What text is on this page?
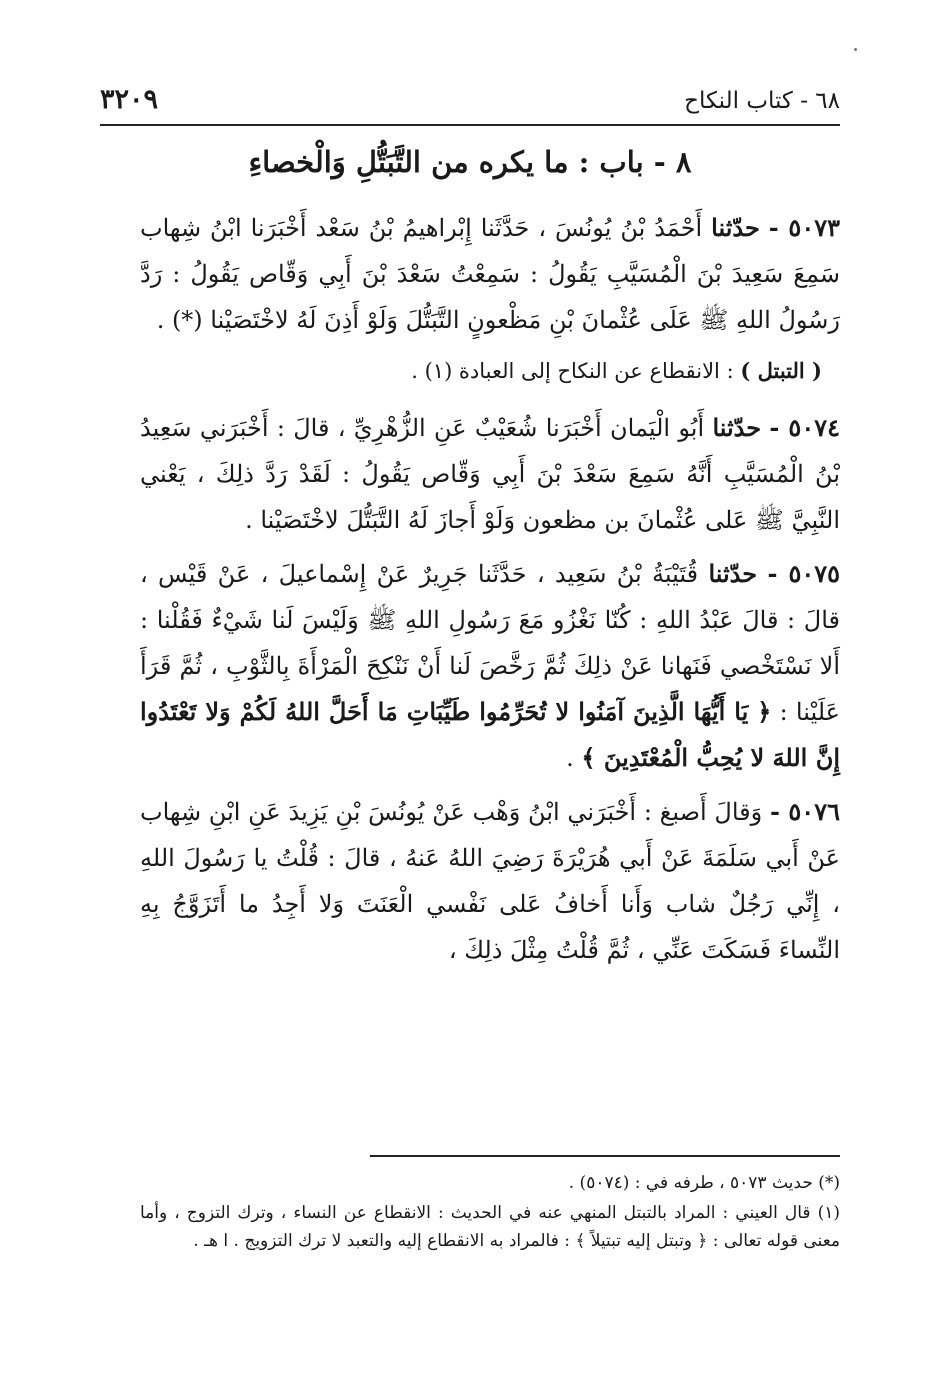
٦٨ - كتاب النكاح
٣٢٠٩
٨ - باب : ما يكره من التَّبَتُّلِ وَالْخصاءِ

٥٠٧٣ - حدّثنا أَحْمَدُ بْنُ يُونُسَ ، حَدَّثَنا إِبْراهيمُ بْنُ سَعْد أَخْبَرَنا ابْنُ شِهاب سَمِعَ سَعِيدَ بْنَ الْمُسَيَّبِ يَقُولُ : سَمِعْتُ سَعْدَ بْنَ أَبِي وَقّاص يَقُولُ : رَدَّ رَسُولُ اللهِ ﷺ عَلَى عُثْمانَ بْنِ مَظْعونٍ التَّبَتُّلَ وَلَوْ أَذِنَ لَهُ لاخْتَصَيْنا (*) .

( التبتل ) : الانقطاع عن النكاح إلى العبادة (١) .

٥٠٧٤ - حدّثنا أَبُو الْيَمان أَخْبَرَنا شُعَيْبٌ عَنِ الزُّهْرِيِّ ، قالَ : أَخْبَرَني سَعِيدُ بْنُ الْمُسَيَّبِ أَنَّهُ سَمِعَ سَعْدَ بْنَ أَبِي وَقّاص يَقُولُ : لَقَدْ رَدَّ ذلِكَ ، يَعْني النَّبِيَّ ﷺ عَلى عُثْمانَ بن مظعون وَلَوْ أَجازَ لَهُ التَّبَتُّلَ لاخْتَصَيْنا .

٥٠٧٥ - حدّثنا قُتَيْبَةُ بْنُ سَعِيد ، حَدَّثَنا جَرِيرٌ عَنْ إِسْماعيلَ ، عَنْ قَيْس ، قالَ : قالَ عَبْدُ اللهِ : كُنّا نَغْزُو مَعَ رَسُولِ اللهِ ﷺ وَلَيْسَ لَنا شَيْءٌ فَقُلْنا : أَلا نَسْتَخْصي فَنَهانا عَنْ ذلِكَ ثُمَّ رَخَّصَ لَنا أَنْ نَنْكِحَ الْمَرْأَةَ بِالثَّوْبِ ، ثُمَّ قَرَأَ عَلَيْنا : ﴿ يَا أَيُّهَا الَّذِينَ آمَنُوا لا تُحَرِّمُوا طَيِّبَاتِ مَا أَحَلَّ اللهُ لَكُمْ وَلا تَعْتَدُوا إِنَّ اللهَ لا يُحِبُّ الْمُعْتَدِينَ ﴾ .

٥٠٧٦ - وَقالَ أَصبغ : أَخْبَرَني ابْنُ وَهْب عَنْ يُونُسَ بْنِ يَزِيدَ عَنِ ابْنِ شِهاب عَنْ أَبي سَلَمَةَ عَنْ أَبي هُرَيْرَةَ رَضِيَ اللهُ عَنهُ ، قالَ : قُلْتُ يا رَسُولَ اللهِ ، إِنِّي رَجُلٌ شاب وَأَنا أَخافُ عَلى نَفْسي الْعَنَتَ وَلا أَجِدُ ما أَتَزَوَّجُ بِهِ النِّساءَ فَسَكَتَ عَنِّي ، ثُمَّ قُلْتُ مِثْلَ ذلِكَ ،

(*) حديث ٥٠٧٣ ، طرفه في : (٥٠٧٤) .

(١) قال العيني : المراد بالتبتل المنهي عنه في الحديث : الانقطاع عن النساء ، وترك التزوج ، وأما معنى قوله تعالى : ﴿ وتبتل إليه تبتيلاً ﴾ : فالمراد به الانقطاع إليه والتعبد لا ترك التزويج . ا هـ .
